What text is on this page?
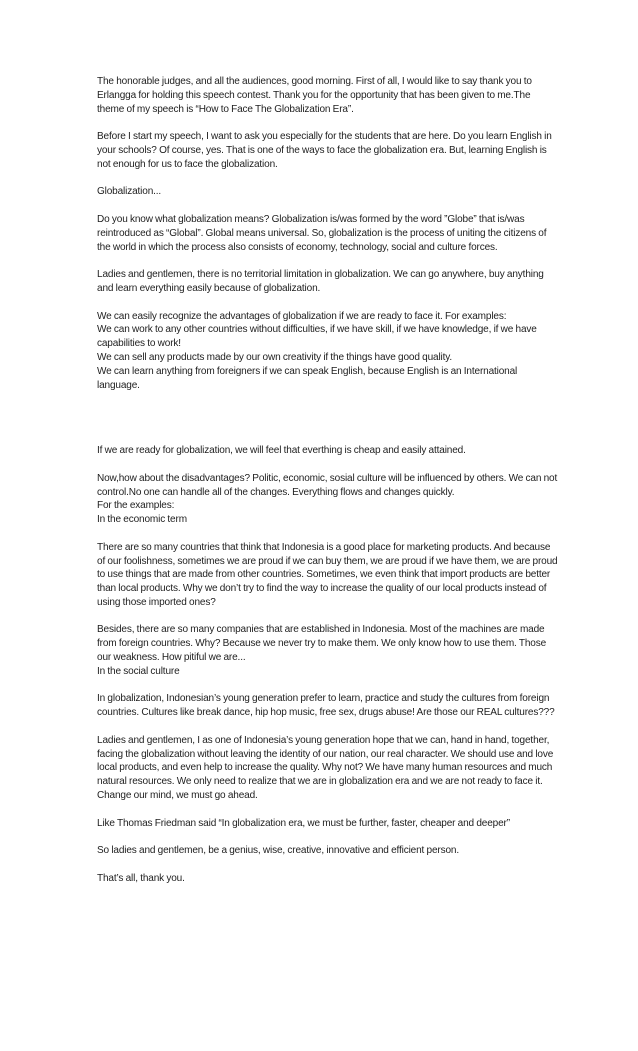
The honorable judges, and all the audiences, good morning. First of all, I would like to say thank you to Erlangga for holding this speech contest. Thank you for the opportunity that has been given to me.The theme of my speech is “How to Face The Globalization Era”.

Before I start my speech, I want to ask you especially for the students that are here. Do you learn English in your schools? Of course, yes. That is one of the ways to face the globalization era. But, learning English is not enough for us to face the globalization.

Globalization...

Do you know what globalization means? Globalization is/was formed by the word ”Globe” that is/was reintroduced as “Global”. Global means universal. So, globalization is the process of uniting the citizens of the world in which the process also consists of economy, technology, social and culture forces.

Ladies and gentlemen, there is no territorial limitation in globalization. We can go anywhere, buy anything and learn everything easily because of globalization.

We can easily recognize the advantages of globalization if we are ready to face it. For examples:

We can work to any other countries without difficulties, if we have skill, if we have knowledge, if we have capabilities to work!

We can sell any products made by our own creativity if the things have good quality.

We can learn anything from foreigners if we can speak English, because English is an International language.

If we are ready for globalization, we will feel that everthing is cheap and easily attained.

Now,how about the disadvantages? Politic, economic, sosial culture will be influenced by others. We can not control.No one can handle all of the changes. Everything flows and changes quickly.

For the examples:

In the economic term

There are so many countries that think that Indonesia is a good place for marketing products. And because of our foolishness, sometimes we are proud if we can buy them, we are proud if we have them, we are proud to use things that are made from other countries. Sometimes, we even think that import products are better than local products. Why we don’t try to find the way to increase the quality of our local products instead of using those imported ones?

Besides, there are so many companies that are established in Indonesia. Most of the machines are made from foreign countries. Why? Because we never try to make them. We only know how to use them. Those our weakness. How pitiful we are...

In the social culture

In globalization, Indonesian’s young generation prefer to learn, practice and study the cultures from foreign countries. Cultures like break dance, hip hop music, free sex, drugs abuse! Are those our REAL cultures???

Ladies and gentlemen, I as one of Indonesia’s young generation hope that we can, hand in hand, together, facing the globalization without leaving the identity of our nation, our real character. We should use and love local products, and even help to increase the quality. Why not? We have many human resources and much natural resources. We only need to realize that we are in globalization era and we are not ready to face it. Change our mind, we must go ahead.

Like Thomas Friedman said “In globalization era, we must be further, faster, cheaper and deeper”

So ladies and gentlemen, be a genius, wise, creative, innovative and efficient person.

That’s all, thank you.
